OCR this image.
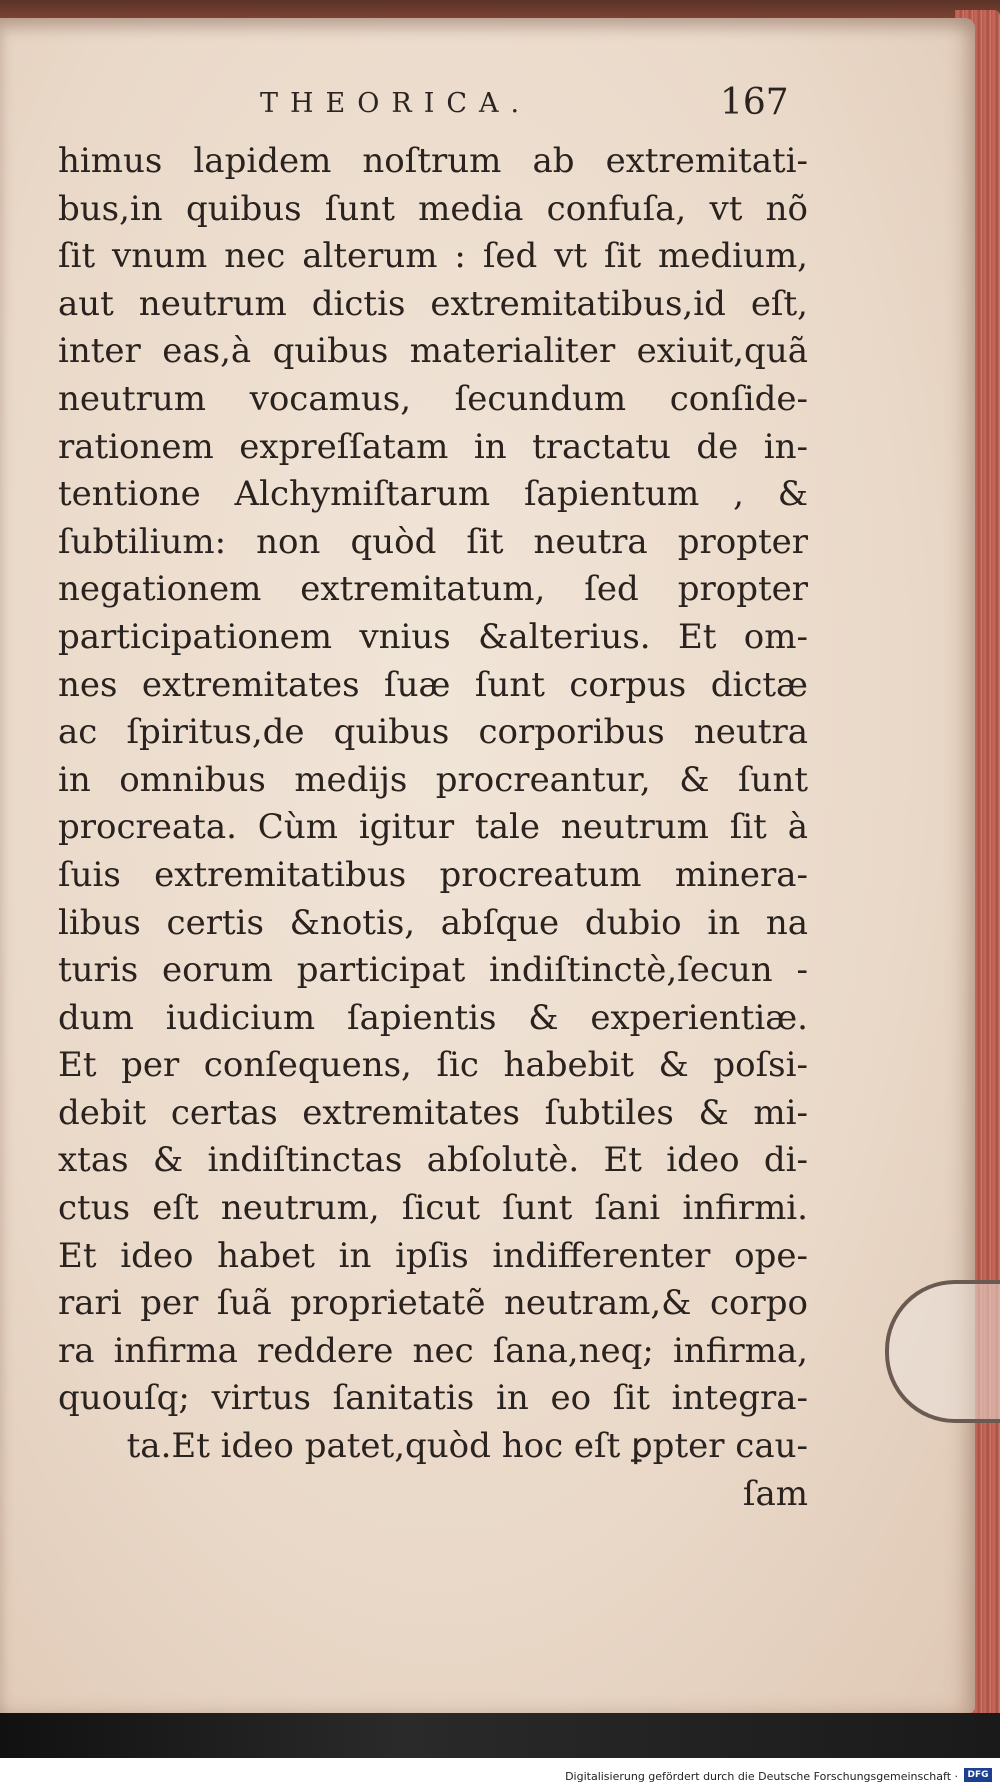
THEORICA.	167
himus lapidem noſtrum ab extremitati-
bus,in quibus ſunt media confuſa, vt nõ
ſit vnum nec alterum : ſed vt ſit medium,
aut neutrum dictis extremitatibus,id eſt,
inter eas,à quibus materialiter exiuit,quã
neutrum vocamus, ſecundum conſide-
rationem expreſſatam in tractatu de in-
tentione Alchymiſtarum ſapientum , &
ſubtilium: non quòd ſit neutra propter
negationem extremitatum, ſed propter
participationem vnius &alterius. Et om-
nes extremitates ſuæ ſunt corpus dictæ
ac ſpiritus,de quibus corporibus neutra
in omnibus medijs procreantur, & ſunt
procreata. Cùm igitur tale neutrum ſit à
ſuis extremitatibus procreatum minera-
libus certis &notis, abſque dubio in na
turis eorum participat indiſtinctè,ſecun -
dum iudicium ſapientis & experientiæ.
Et per conſequens, ſic habebit & poſsi-
debit certas extremitates ſubtiles & mi-
xtas & indiſtinctas abſolutè. Et ideo di-
ctus eſt neutrum, ſicut ſunt ſani infirmi.
Et ideo habet in ipſis indifferenter ope-
rari per ſuã proprietatẽ neutram,& corpo
ra infirma reddere nec ſana,neq; infirma,
quouſq; virtus ſanitatis in eo ſit integra-
ta.Et ideo patet,quòd hoc eſt ꝑpter cau-
ſam
Digitalisierung gefördert durch die Deutsche Forschungsgemeinschaft ·	DFG
